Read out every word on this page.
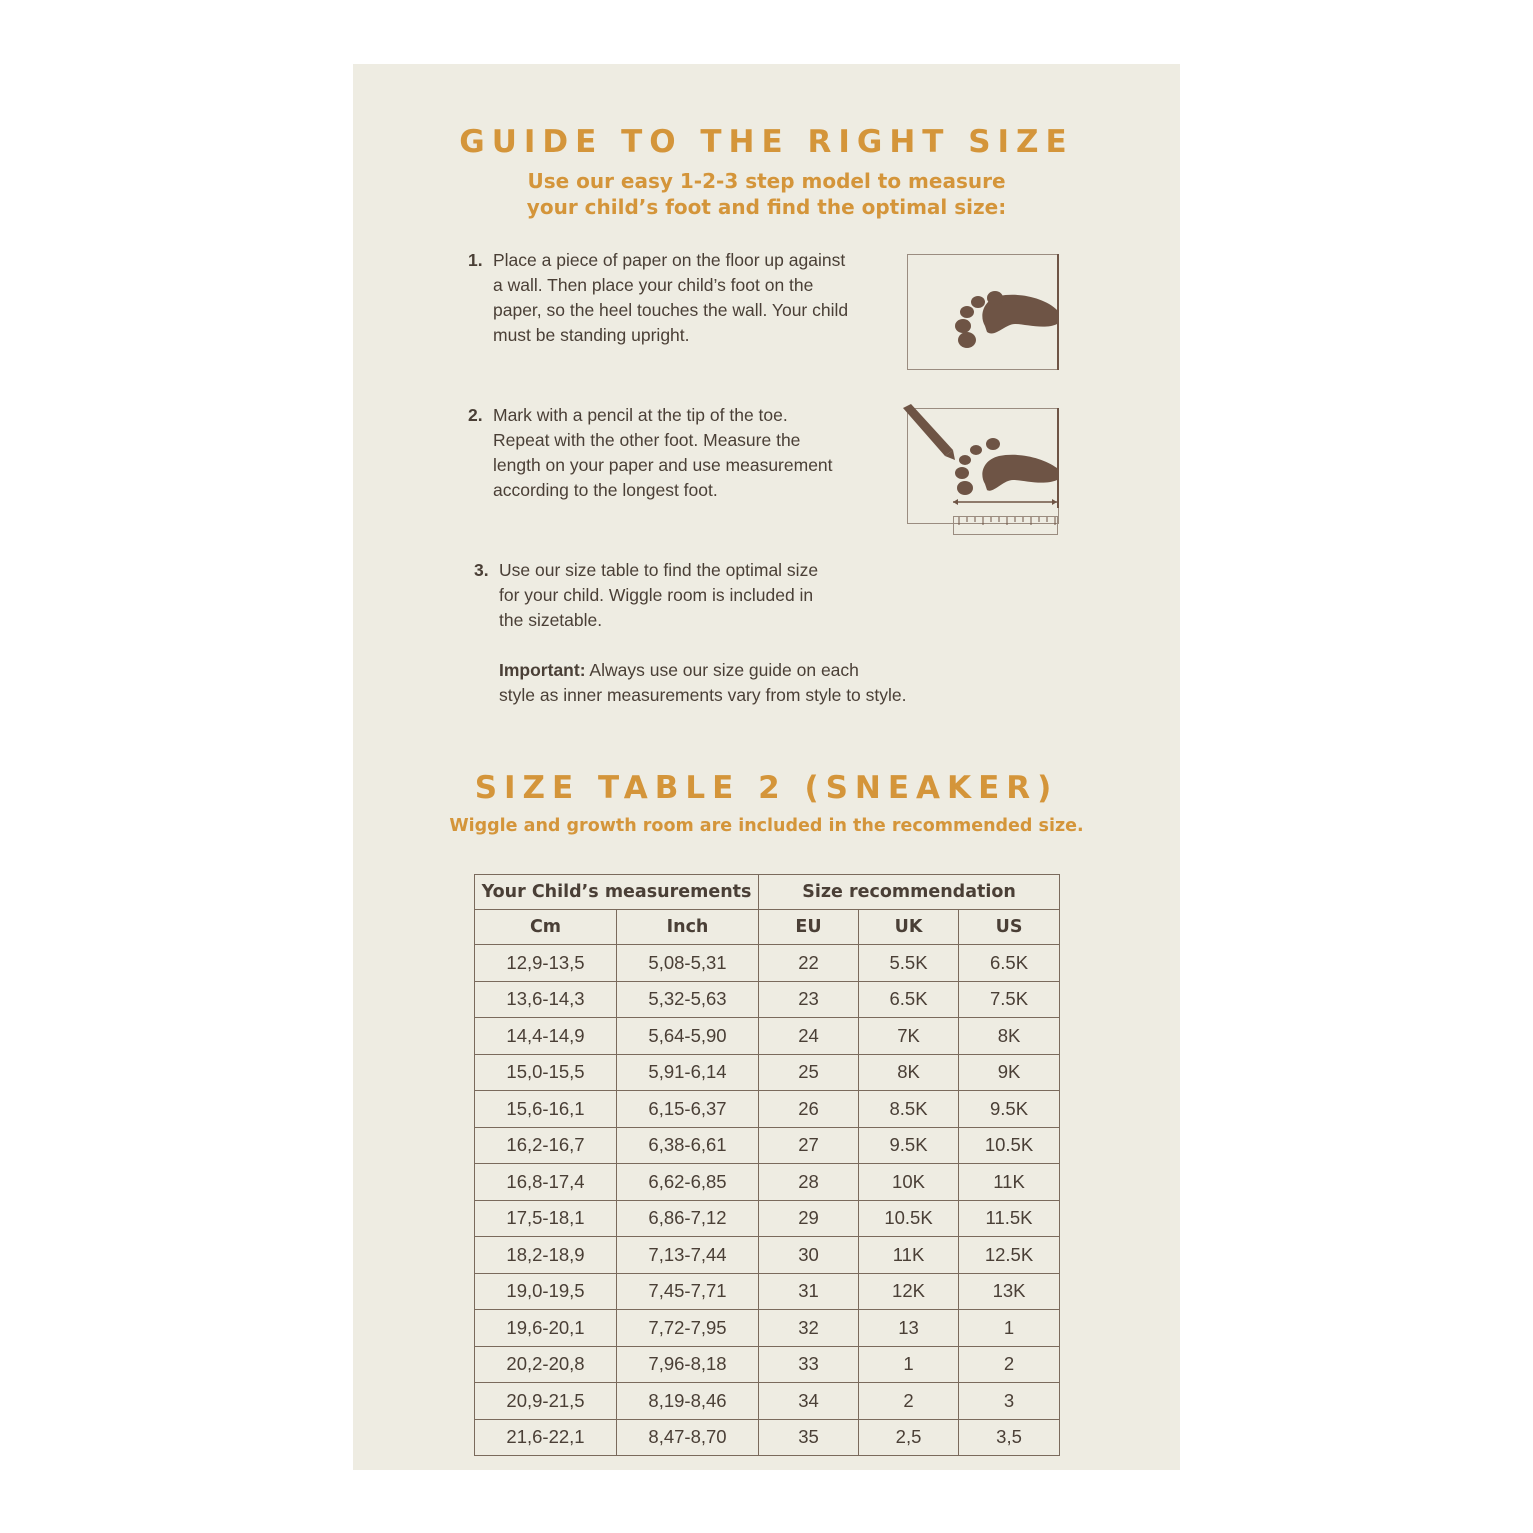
GUIDE TO THE RIGHT SIZE
Use our easy 1-2-3 step model to measure
your child’s foot and find the optimal size:
1. Place a piece of paper on the floor up against
a wall. Then place your child’s foot on the
paper, so the heel touches the wall. Your child
must be standing upright.
2. Mark with a pencil at the tip of the toe.
Repeat with the other foot. Measure the
length on your paper and use measurement
according to the longest foot.
3. Use our size table to find the optimal size
for your child. Wiggle room is included in
the sizetable.
Important: Always use our size guide on each
style as inner measurements vary from style to style.
SIZE TABLE 2 (SNEAKER)
Wiggle and growth room are included in the recommended size.
Your Child’s measurements		Size recommendation		
Cm	Inch	EU	UK	US
12,9-13,5	5,08-5,31	22	5.5K	6.5K
13,6-14,3	5,32-5,63	23	6.5K	7.5K
14,4-14,9	5,64-5,90	24	7K	8K
15,0-15,5	5,91-6,14	25	8K	9K
15,6-16,1	6,15-6,37	26	8.5K	9.5K
16,2-16,7	6,38-6,61	27	9.5K	10.5K
16,8-17,4	6,62-6,85	28	10K	11K
17,5-18,1	6,86-7,12	29	10.5K	11.5K
18,2-18,9	7,13-7,44	30	11K	12.5K
19,0-19,5	7,45-7,71	31	12K	13K
19,6-20,1	7,72-7,95	32	13	1
20,2-20,8	7,96-8,18	33	1	2
20,9-21,5	8,19-8,46	34	2	3
21,6-22,1	8,47-8,70	35	2,5	3,5
